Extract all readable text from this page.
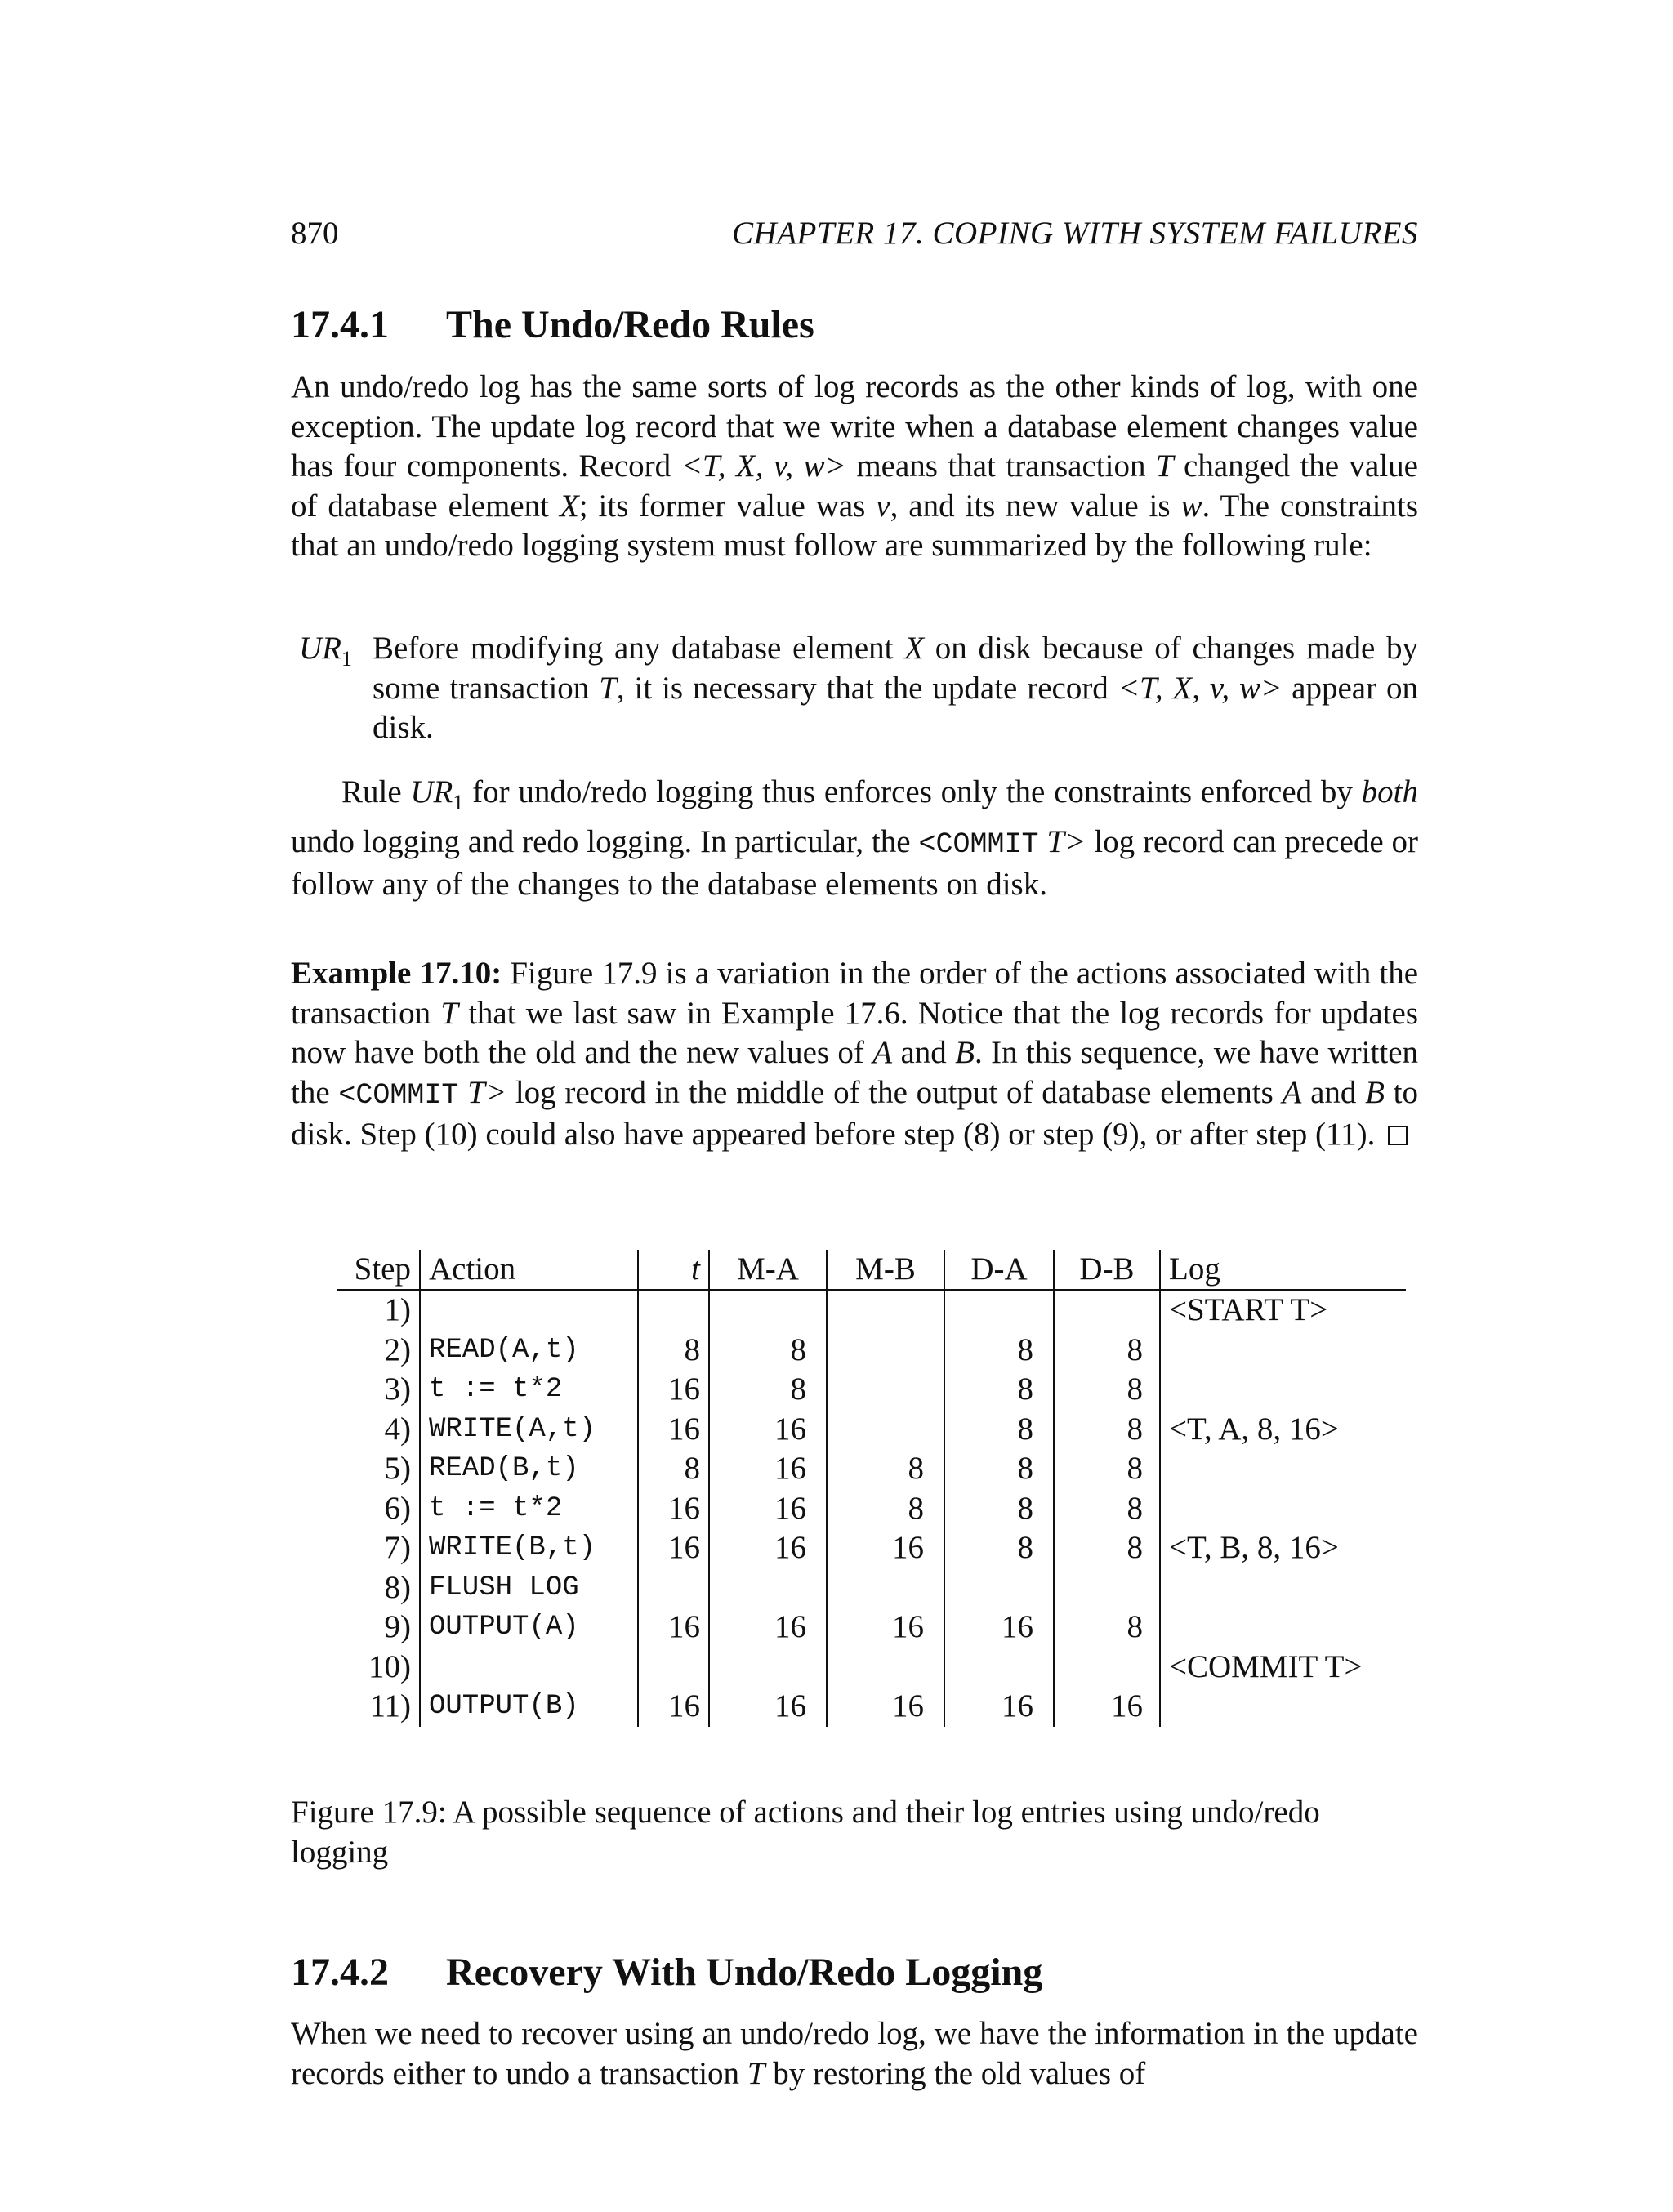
870	CHAPTER 17. COPING WITH SYSTEM FAILURES
17.4.1 The Undo/Redo Rules

An undo/redo log has the same sorts of log records as the other kinds of log, with one exception. The update log record that we write when a database element changes value has four components. Record <T, X, v, w> means that transaction T changed the value of database element X; its former value was v, and its new value is w. The constraints that an undo/redo logging system must follow are summarized by the following rule:

$UR_1$ Before modifying any database element X on disk because of changes made by some transaction T, it is necessary that the update record <T, X, v, w> appear on disk.

Rule $UR_1$ for undo/redo logging thus enforces only the constraints enforced by both undo logging and redo logging. In particular, the <COMMIT T> log record can precede or follow any of the changes to the database elements on disk.

Example 17.10: Figure 17.9 is a variation in the order of the actions associated with the transaction T that we last saw in Example 17.6. Notice that the log records for updates now have both the old and the new values of A and B. In this sequence, we have written the <COMMIT T> log record in the middle of the output of database elements A and B to disk. Step (10) could also have appeared before step (8) or step (9), or after step (11).

Step	Action	t	M-A	M-B	D-A	D-B	Log
1)							<START T>
2)	READ(A,t)	8	8		8	8	
3)	t := t*2	16	8		8	8	
4)	WRITE(A,t)	16	16		8	8	<T, A, 8, 16>
5)	READ(B,t)	8	16	8	8	8	
6)	t := t*2	16	16	8	8	8	
7)	WRITE(B,t)	16	16	16	8	8	<T, B, 8, 16>
8)	FLUSH LOG						
9)	OUTPUT(A)	16	16	16	16	8	
10)							<COMMIT T>
11)	OUTPUT(B)	16	16	16	16	16	
Figure 17.9: A possible sequence of actions and their log entries using undo/redo logging
17.4.2 Recovery With Undo/Redo Logging

When we need to recover using an undo/redo log, we have the information in the update records either to undo a transaction T by restoring the old values of
